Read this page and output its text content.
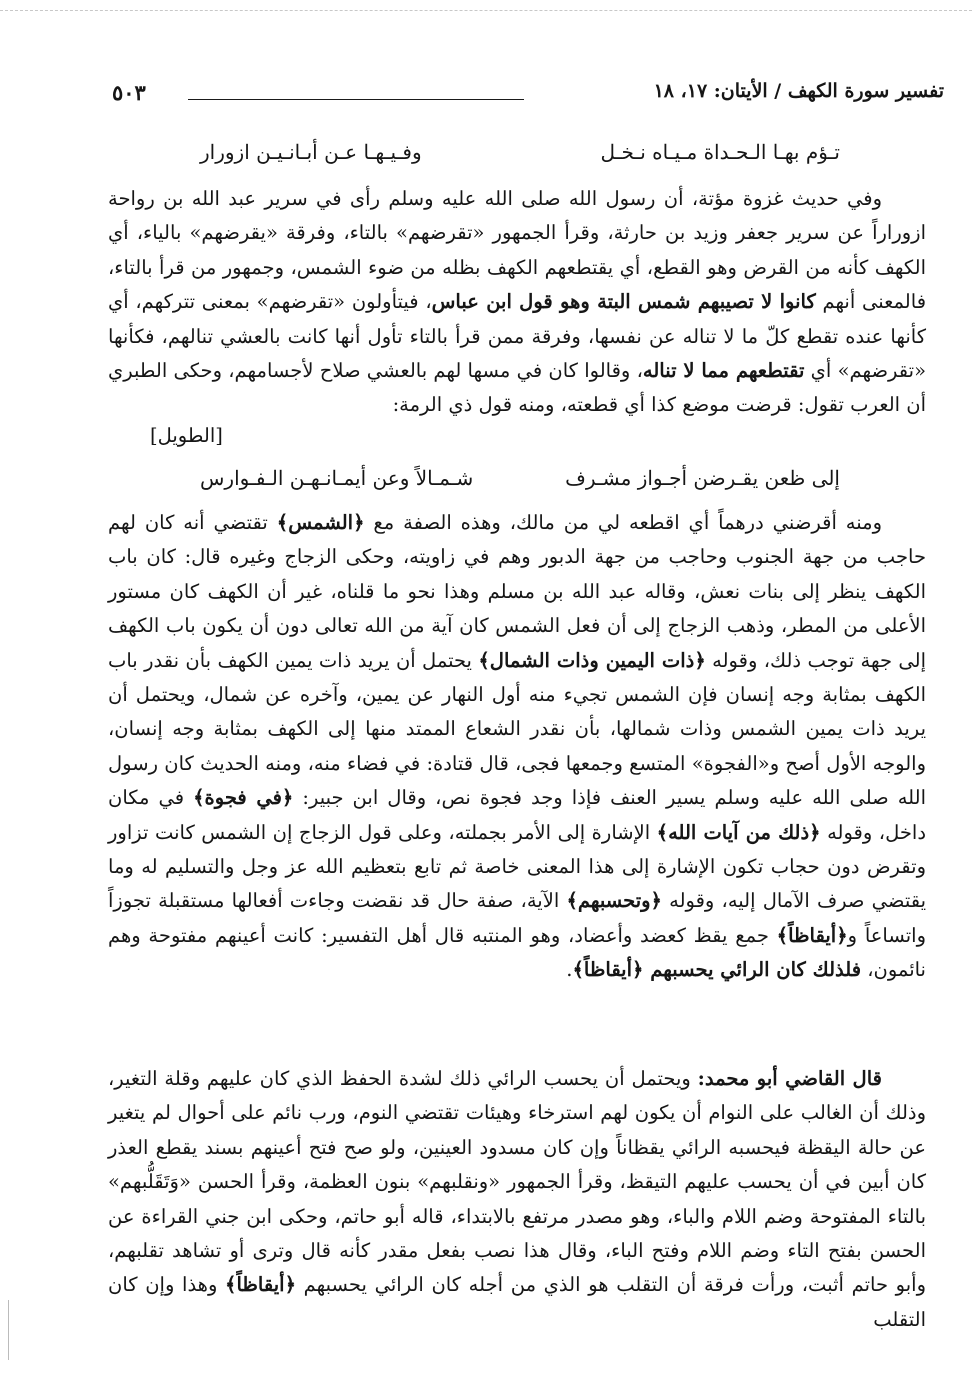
تفسير سورة الكهف / الأيتان: ١٧، ١٨
٥٠٣
تـؤم بهـا الـحـداة مـيـاه نـخـل
وفـيـهـا عـن أبـانـيـن ازورار
وفي حديث غزوة مؤتة، أن رسول الله صلى الله عليه وسلم رأى في سرير عبد الله بن رواحة ازوراراً عن سرير جعفر وزيد بن حارثة، وقرأ الجمهور «تقرضهم» بالتاء، وفرقة «يقرضهم» بالياء، أي الكهف كأنه من القرض وهو القطع، أي يقتطعهم الكهف بظله من ضوء الشمس، وجمهور من قرأ بالتاء، فالمعنى أنهم كانوا لا تصيبهم شمس البتة وهو قول ابن عباس، فيتأولون «تقرضهم» بمعنى تتركهم، أي كأنها عنده تقطع كلّ ما لا تناله عن نفسها، وفرقة ممن قرأ بالتاء تأول أنها كانت بالعشي تنالهم، فكأنها «تقرضهم» أي تقتطعهم مما لا تناله، وقالوا كان في مسها لهم بالعشي صلاح لأجسامهم، وحكى الطبري أن العرب تقول: قرضت موضع كذا أي قطعته، ومنه قول ذي الرمة:
[الطويل]
إلى ظعن يقـرضن أجـواز مشـرف
شـمـالاً وعن أيمـانـهـن الـفـوارس
ومنه أقرضني درهماً أي اقطعه لي من مالك، وهذه الصفة مع ﴿الشمس﴾ تقتضي أنه كان لهم حاجب من جهة الجنوب وحاجب من جهة الدبور وهم في زاويته، وحكى الزجاج وغيره قال: كان باب الكهف ينظر إلى بنات نعش، وقاله عبد الله بن مسلم وهذا نحو ما قلناه، غير أن الكهف كان مستور الأعلى من المطر، وذهب الزجاج إلى أن فعل الشمس كان آية من الله تعالى دون أن يكون باب الكهف إلى جهة توجب ذلك، وقوله ﴿ذات اليمين وذات الشمال﴾ يحتمل أن يريد ذات يمين الكهف بأن نقدر باب الكهف بمثابة وجه إنسان فإن الشمس تجيء منه أول النهار عن يمين، وآخره عن شمال، ويحتمل أن يريد ذات يمين الشمس وذات شمالها، بأن نقدر الشعاع الممتد منها إلى الكهف بمثابة وجه إنسان، والوجه الأول أصح و«الفجوة» المتسع وجمعها فجى، قال قتادة: في فضاء منه، ومنه الحديث كان رسول الله صلى الله عليه وسلم يسير العنف فإذا وجد فجوة نص، وقال ابن جبير: ﴿في فجوة﴾ في مكان داخل، وقوله ﴿ذلك من آيات الله﴾ الإشارة إلى الأمر بجملته، وعلى قول الزجاج إن الشمس كانت تزاور وتقرض دون حجاب تكون الإشارة إلى هذا المعنى خاصة ثم تابع بتعظيم الله عز وجل والتسليم له وما يقتضي صرف الآمال إليه، وقوله ﴿وتحسبهم﴾ الآية، صفة حال قد نقضت وجاءت أفعالها مستقبلة تجوزاً واتساعاً و﴿أيقاظاً﴾ جمع يقظ كعضد وأعضاد، وهو المنتبه قال أهل التفسير: كانت أعينهم مفتوحة وهم نائمون، فلذلك كان الرائي يحسبهم ﴿أيقاظاً﴾.
قال القاضي أبو محمد: ويحتمل أن يحسب الرائي ذلك لشدة الحفظ الذي كان عليهم وقلة التغير، وذلك أن الغالب على النوام أن يكون لهم استرخاء وهيئات تقتضي النوم، ورب نائم على أحوال لم يتغير عن حالة اليقظة فيحسبه الرائي يقظاناً وإن كان مسدود العينين، ولو صح فتح أعينهم بسند يقطع العذر كان أبين في أن يحسب عليهم التيقظ، وقرأ الجمهور «ونقلبهم» بنون العظمة، وقرأ الحسن «وَتَقَلُّبهم» بالتاء المفتوحة وضم اللام والباء، وهو مصدر مرتفع بالابتداء، قاله أبو حاتم، وحكى ابن جني القراءة عن الحسن بفتح التاء وضم اللام وفتح الباء، وقال هذا نصب بفعل مقدر كأنه قال وترى أو تشاهد تقلبهم، وأبو حاتم أثبت، ورأت فرقة أن التقلب هو الذي من أجله كان الرائي يحسبهم ﴿أيقاظاً﴾ وهذا وإن كان التقلب
